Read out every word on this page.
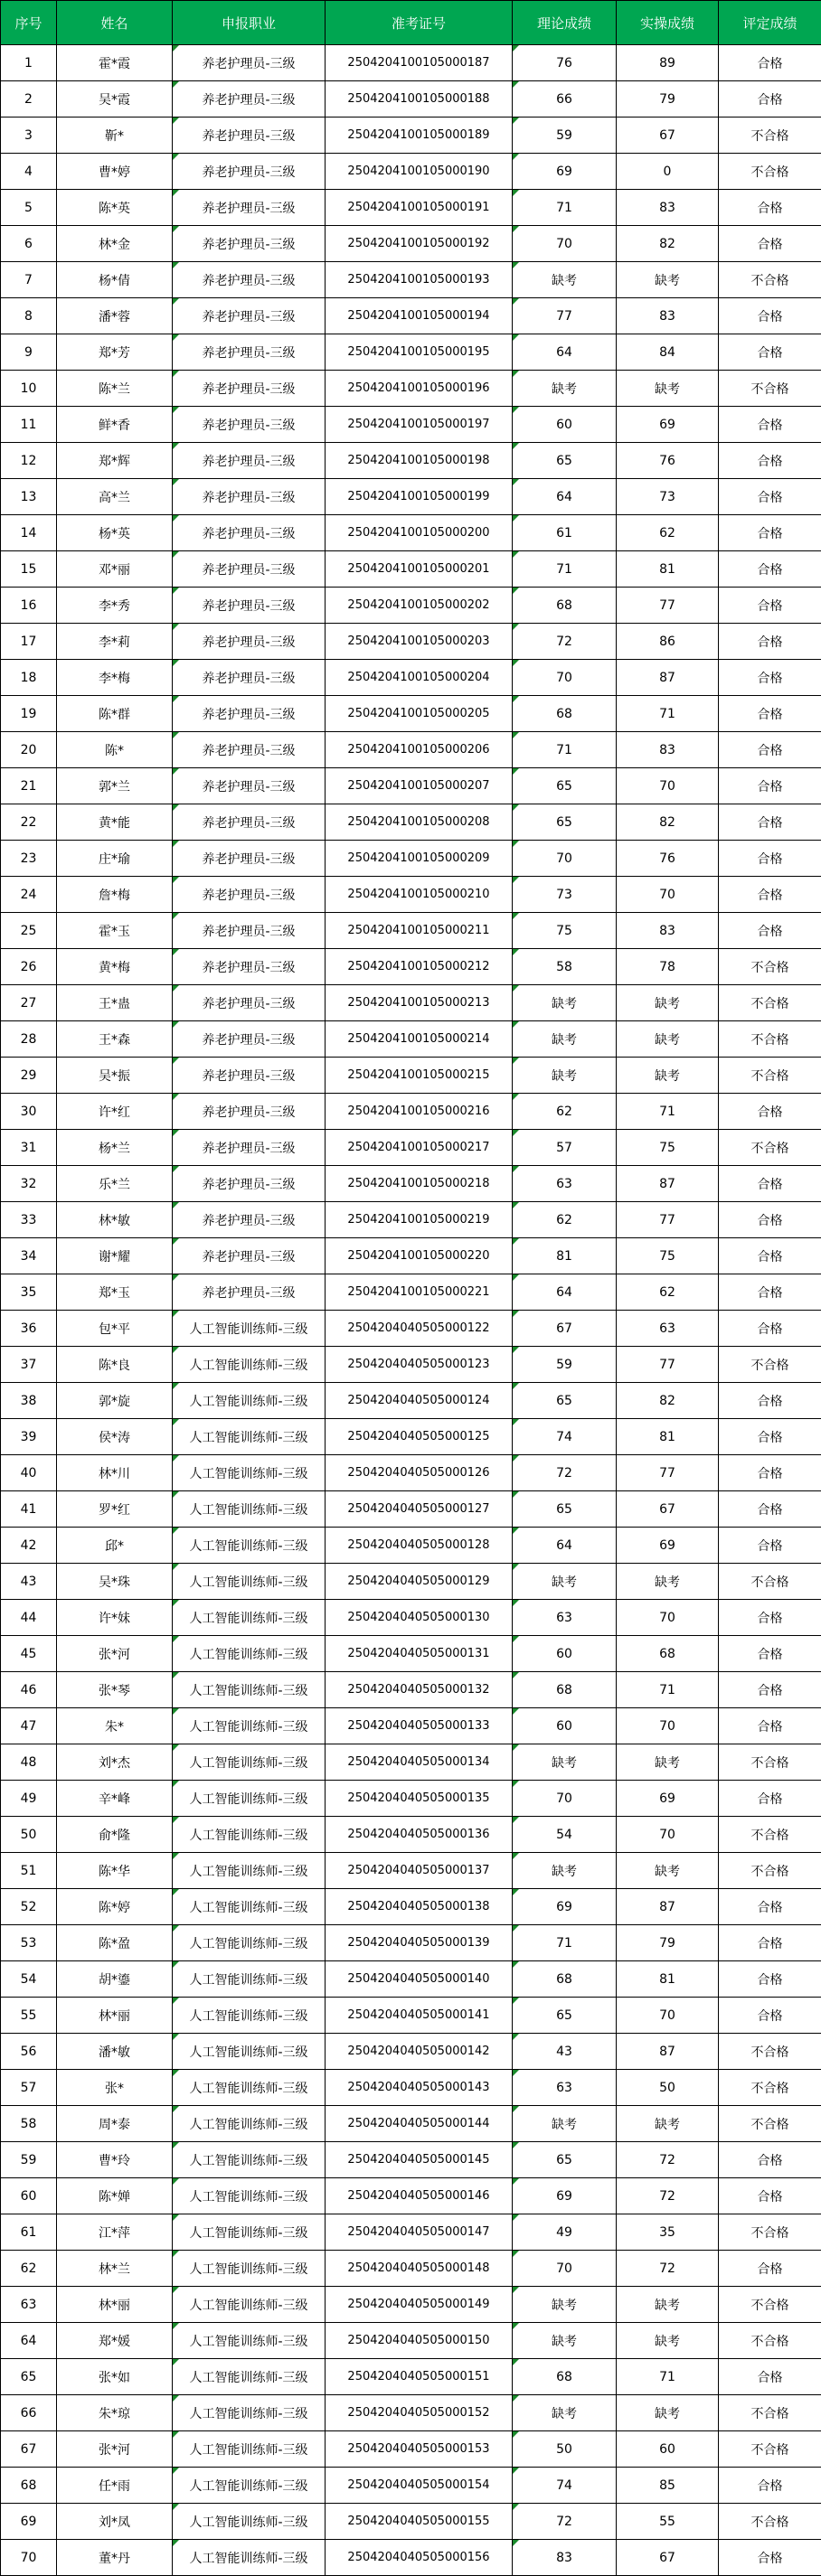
序号	姓名	申报职业	准考证号	理论成绩	实操成绩	评定成绩
1	霍*霞	养老护理员-三级	2504204100105000187	76	89	合格
2	吴*霞	养老护理员-三级	2504204100105000188	66	79	合格
3	靳*	养老护理员-三级	2504204100105000189	59	67	不合格
4	曹*婷	养老护理员-三级	2504204100105000190	69	0	不合格
5	陈*英	养老护理员-三级	2504204100105000191	71	83	合格
6	林*金	养老护理员-三级	2504204100105000192	70	82	合格
7	杨*倩	养老护理员-三级	2504204100105000193	缺考	缺考	不合格
8	潘*蓉	养老护理员-三级	2504204100105000194	77	83	合格
9	郑*芳	养老护理员-三级	2504204100105000195	64	84	合格
10	陈*兰	养老护理员-三级	2504204100105000196	缺考	缺考	不合格
11	鲜*香	养老护理员-三级	2504204100105000197	60	69	合格
12	郑*辉	养老护理员-三级	2504204100105000198	65	76	合格
13	高*兰	养老护理员-三级	2504204100105000199	64	73	合格
14	杨*英	养老护理员-三级	2504204100105000200	61	62	合格
15	邓*丽	养老护理员-三级	2504204100105000201	71	81	合格
16	李*秀	养老护理员-三级	2504204100105000202	68	77	合格
17	李*莉	养老护理员-三级	2504204100105000203	72	86	合格
18	李*梅	养老护理员-三级	2504204100105000204	70	87	合格
19	陈*群	养老护理员-三级	2504204100105000205	68	71	合格
20	陈*	养老护理员-三级	2504204100105000206	71	83	合格
21	郭*兰	养老护理员-三级	2504204100105000207	65	70	合格
22	黄*能	养老护理员-三级	2504204100105000208	65	82	合格
23	庄*瑜	养老护理员-三级	2504204100105000209	70	76	合格
24	詹*梅	养老护理员-三级	2504204100105000210	73	70	合格
25	霍*玉	养老护理员-三级	2504204100105000211	75	83	合格
26	黄*梅	养老护理员-三级	2504204100105000212	58	78	不合格
27	王*蛊	养老护理员-三级	2504204100105000213	缺考	缺考	不合格
28	王*森	养老护理员-三级	2504204100105000214	缺考	缺考	不合格
29	吴*振	养老护理员-三级	2504204100105000215	缺考	缺考	不合格
30	许*红	养老护理员-三级	2504204100105000216	62	71	合格
31	杨*兰	养老护理员-三级	2504204100105000217	57	75	不合格
32	乐*兰	养老护理员-三级	2504204100105000218	63	87	合格
33	林*敏	养老护理员-三级	2504204100105000219	62	77	合格
34	谢*耀	养老护理员-三级	2504204100105000220	81	75	合格
35	郑*玉	养老护理员-三级	2504204100105000221	64	62	合格
36	包*平	人工智能训练师-三级	2504204040505000122	67	63	合格
37	陈*良	人工智能训练师-三级	2504204040505000123	59	77	不合格
38	郭*旋	人工智能训练师-三级	2504204040505000124	65	82	合格
39	侯*涛	人工智能训练师-三级	2504204040505000125	74	81	合格
40	林*川	人工智能训练师-三级	2504204040505000126	72	77	合格
41	罗*红	人工智能训练师-三级	2504204040505000127	65	67	合格
42	邱*	人工智能训练师-三级	2504204040505000128	64	69	合格
43	吴*珠	人工智能训练师-三级	2504204040505000129	缺考	缺考	不合格
44	许*妹	人工智能训练师-三级	2504204040505000130	63	70	合格
45	张*河	人工智能训练师-三级	2504204040505000131	60	68	合格
46	张*琴	人工智能训练师-三级	2504204040505000132	68	71	合格
47	朱*	人工智能训练师-三级	2504204040505000133	60	70	合格
48	刘*杰	人工智能训练师-三级	2504204040505000134	缺考	缺考	不合格
49	辛*峰	人工智能训练师-三级	2504204040505000135	70	69	合格
50	俞*隆	人工智能训练师-三级	2504204040505000136	54	70	不合格
51	陈*华	人工智能训练师-三级	2504204040505000137	缺考	缺考	不合格
52	陈*婷	人工智能训练师-三级	2504204040505000138	69	87	合格
53	陈*盈	人工智能训练师-三级	2504204040505000139	71	79	合格
54	胡*鎏	人工智能训练师-三级	2504204040505000140	68	81	合格
55	林*丽	人工智能训练师-三级	2504204040505000141	65	70	合格
56	潘*敏	人工智能训练师-三级	2504204040505000142	43	87	不合格
57	张*	人工智能训练师-三级	2504204040505000143	63	50	不合格
58	周*泰	人工智能训练师-三级	2504204040505000144	缺考	缺考	不合格
59	曹*玲	人工智能训练师-三级	2504204040505000145	65	72	合格
60	陈*婵	人工智能训练师-三级	2504204040505000146	69	72	合格
61	江*萍	人工智能训练师-三级	2504204040505000147	49	35	不合格
62	林*兰	人工智能训练师-三级	2504204040505000148	70	72	合格
63	林*丽	人工智能训练师-三级	2504204040505000149	缺考	缺考	不合格
64	郑*媛	人工智能训练师-三级	2504204040505000150	缺考	缺考	不合格
65	张*如	人工智能训练师-三级	2504204040505000151	68	71	合格
66	朱*琼	人工智能训练师-三级	2504204040505000152	缺考	缺考	不合格
67	张*河	人工智能训练师-三级	2504204040505000153	50	60	不合格
68	任*雨	人工智能训练师-三级	2504204040505000154	74	85	合格
69	刘*凤	人工智能训练师-三级	2504204040505000155	72	55	不合格
70	董*丹	人工智能训练师-三级	2504204040505000156	83	67	合格
